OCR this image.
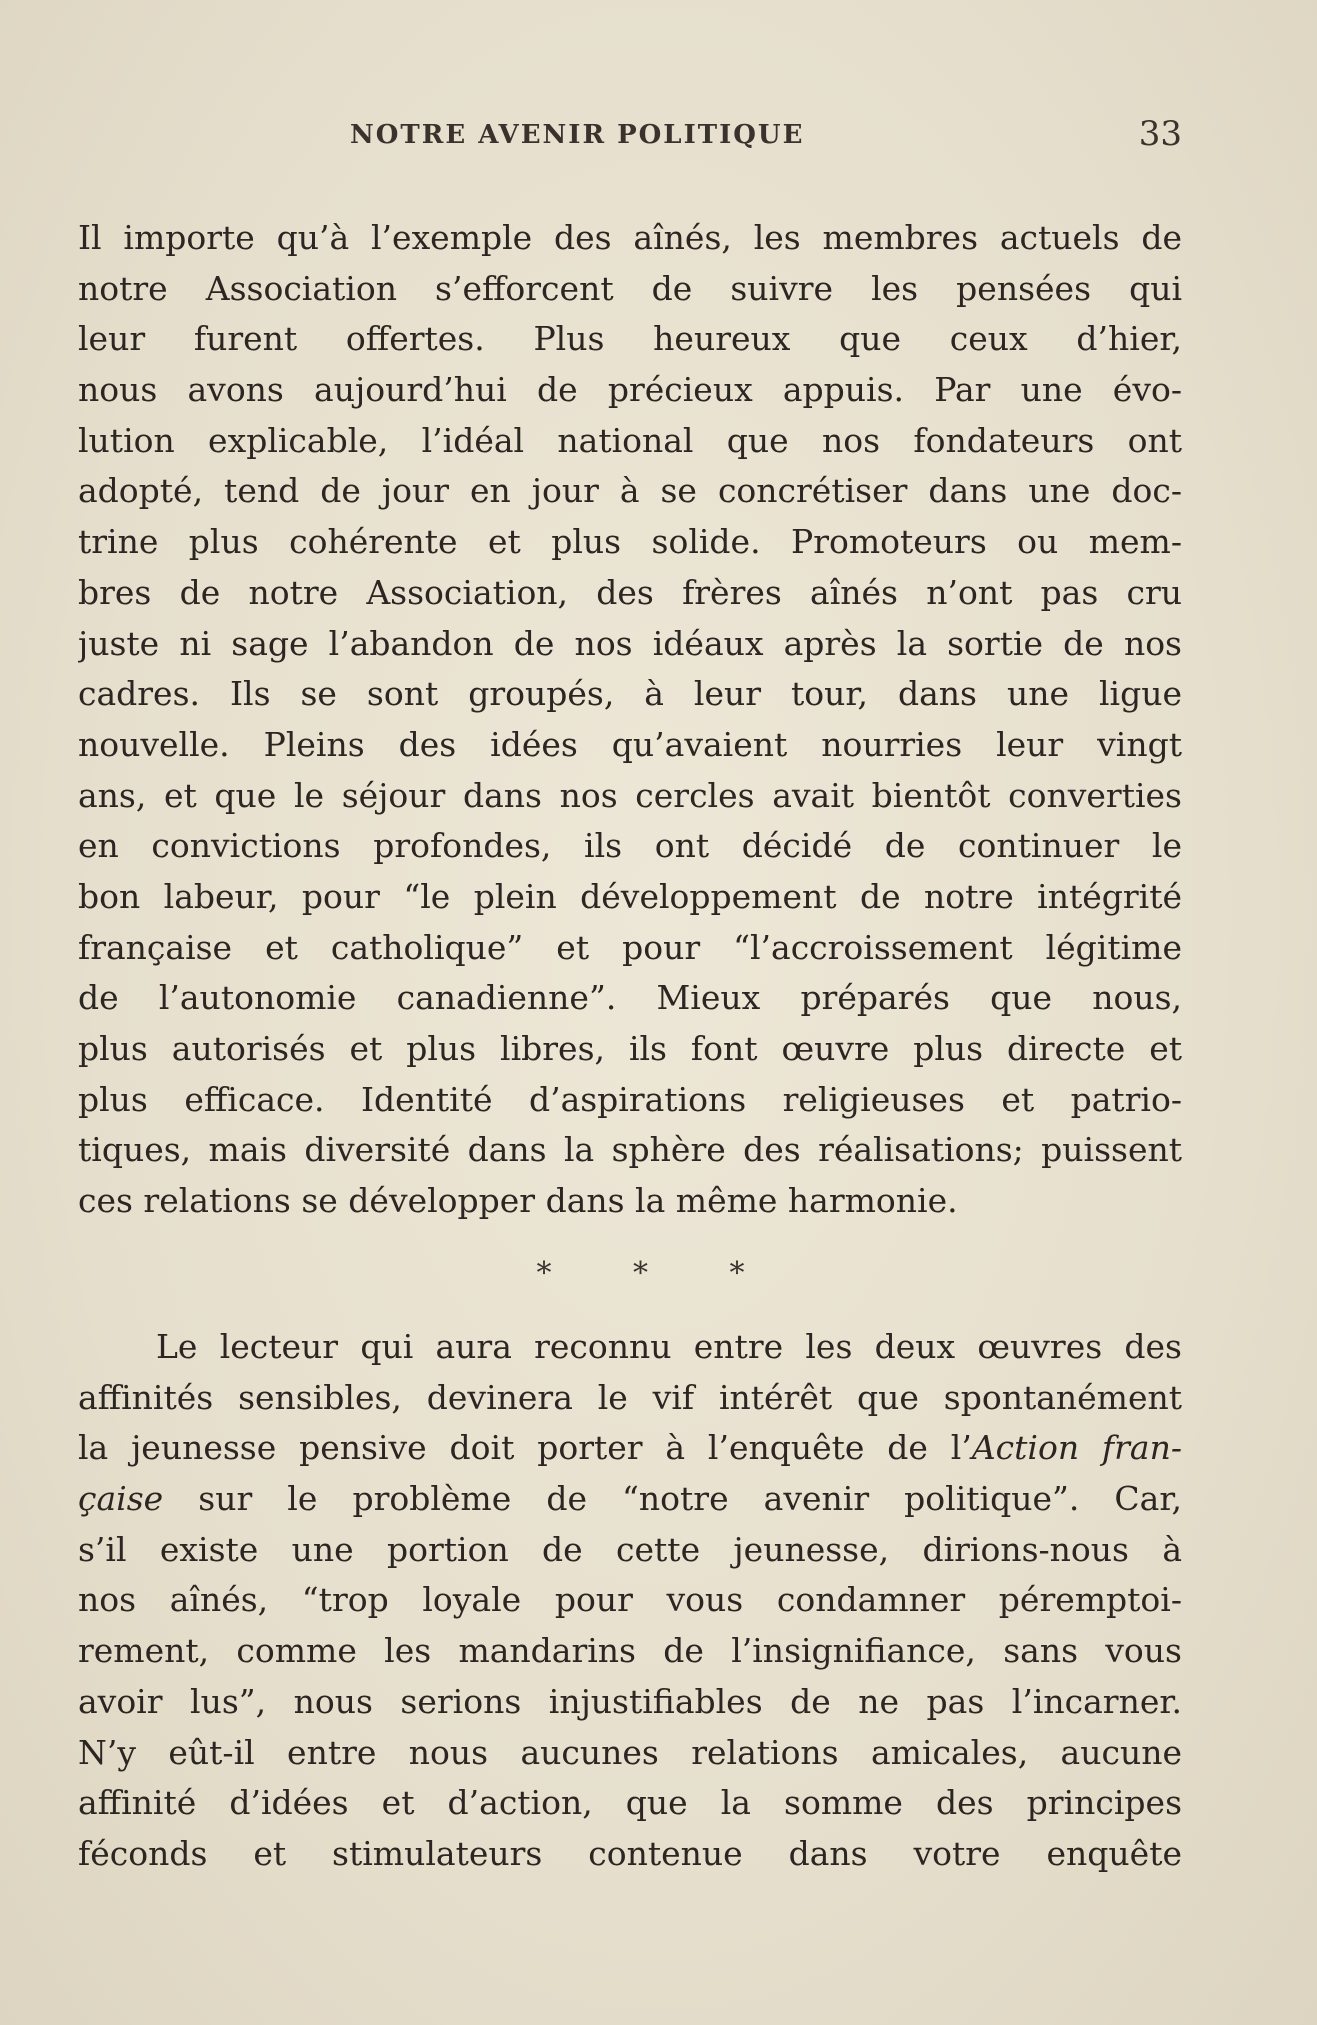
NOTRE AVENIR POLITIQUE	33
Il importe qu’à l’exemple des aînés, les membres actuels de
notre Association s’efforcent de suivre les pensées qui
leur furent offertes. Plus heureux que ceux d’hier,
nous avons aujourd’hui de précieux appuis. Par une évo-
lution explicable, l’idéal national que nos fondateurs ont
adopté, tend de jour en jour à se concrétiser dans une doc-
trine plus cohérente et plus solide. Promoteurs ou mem-
bres de notre Association, des frères aînés n’ont pas cru
juste ni sage l’abandon de nos idéaux après la sortie de nos
cadres. Ils se sont groupés, à leur tour, dans une ligue
nouvelle. Pleins des idées qu’avaient nourries leur vingt
ans, et que le séjour dans nos cercles avait bientôt converties
en convictions profondes, ils ont décidé de continuer le
bon labeur, pour “le plein développement de notre intégrité
française et catholique” et pour “l’accroissement légitime
de l’autonomie canadienne”. Mieux préparés que nous,
plus autorisés et plus libres, ils font œuvre plus directe et
plus efficace. Identité d’aspirations religieuses et patrio-
tiques, mais diversité dans la sphère des réalisations; puissent
ces relations se développer dans la même harmonie.
* * *
Le lecteur qui aura reconnu entre les deux œuvres des
affinités sensibles, devinera le vif intérêt que spontanément
la jeunesse pensive doit porter à l’enquête de l’Action fran-
çaise sur le problème de “notre avenir politique”. Car,
s’il existe une portion de cette jeunesse, dirions-nous à
nos aînés, “trop loyale pour vous condamner péremptoi-
rement, comme les mandarins de l’insignifiance, sans vous
avoir lus”, nous serions injustifiables de ne pas l’incarner.
N’y eût-il entre nous aucunes relations amicales, aucune
affinité d’idées et d’action, que la somme des principes
féconds et stimulateurs contenue dans votre enquête
